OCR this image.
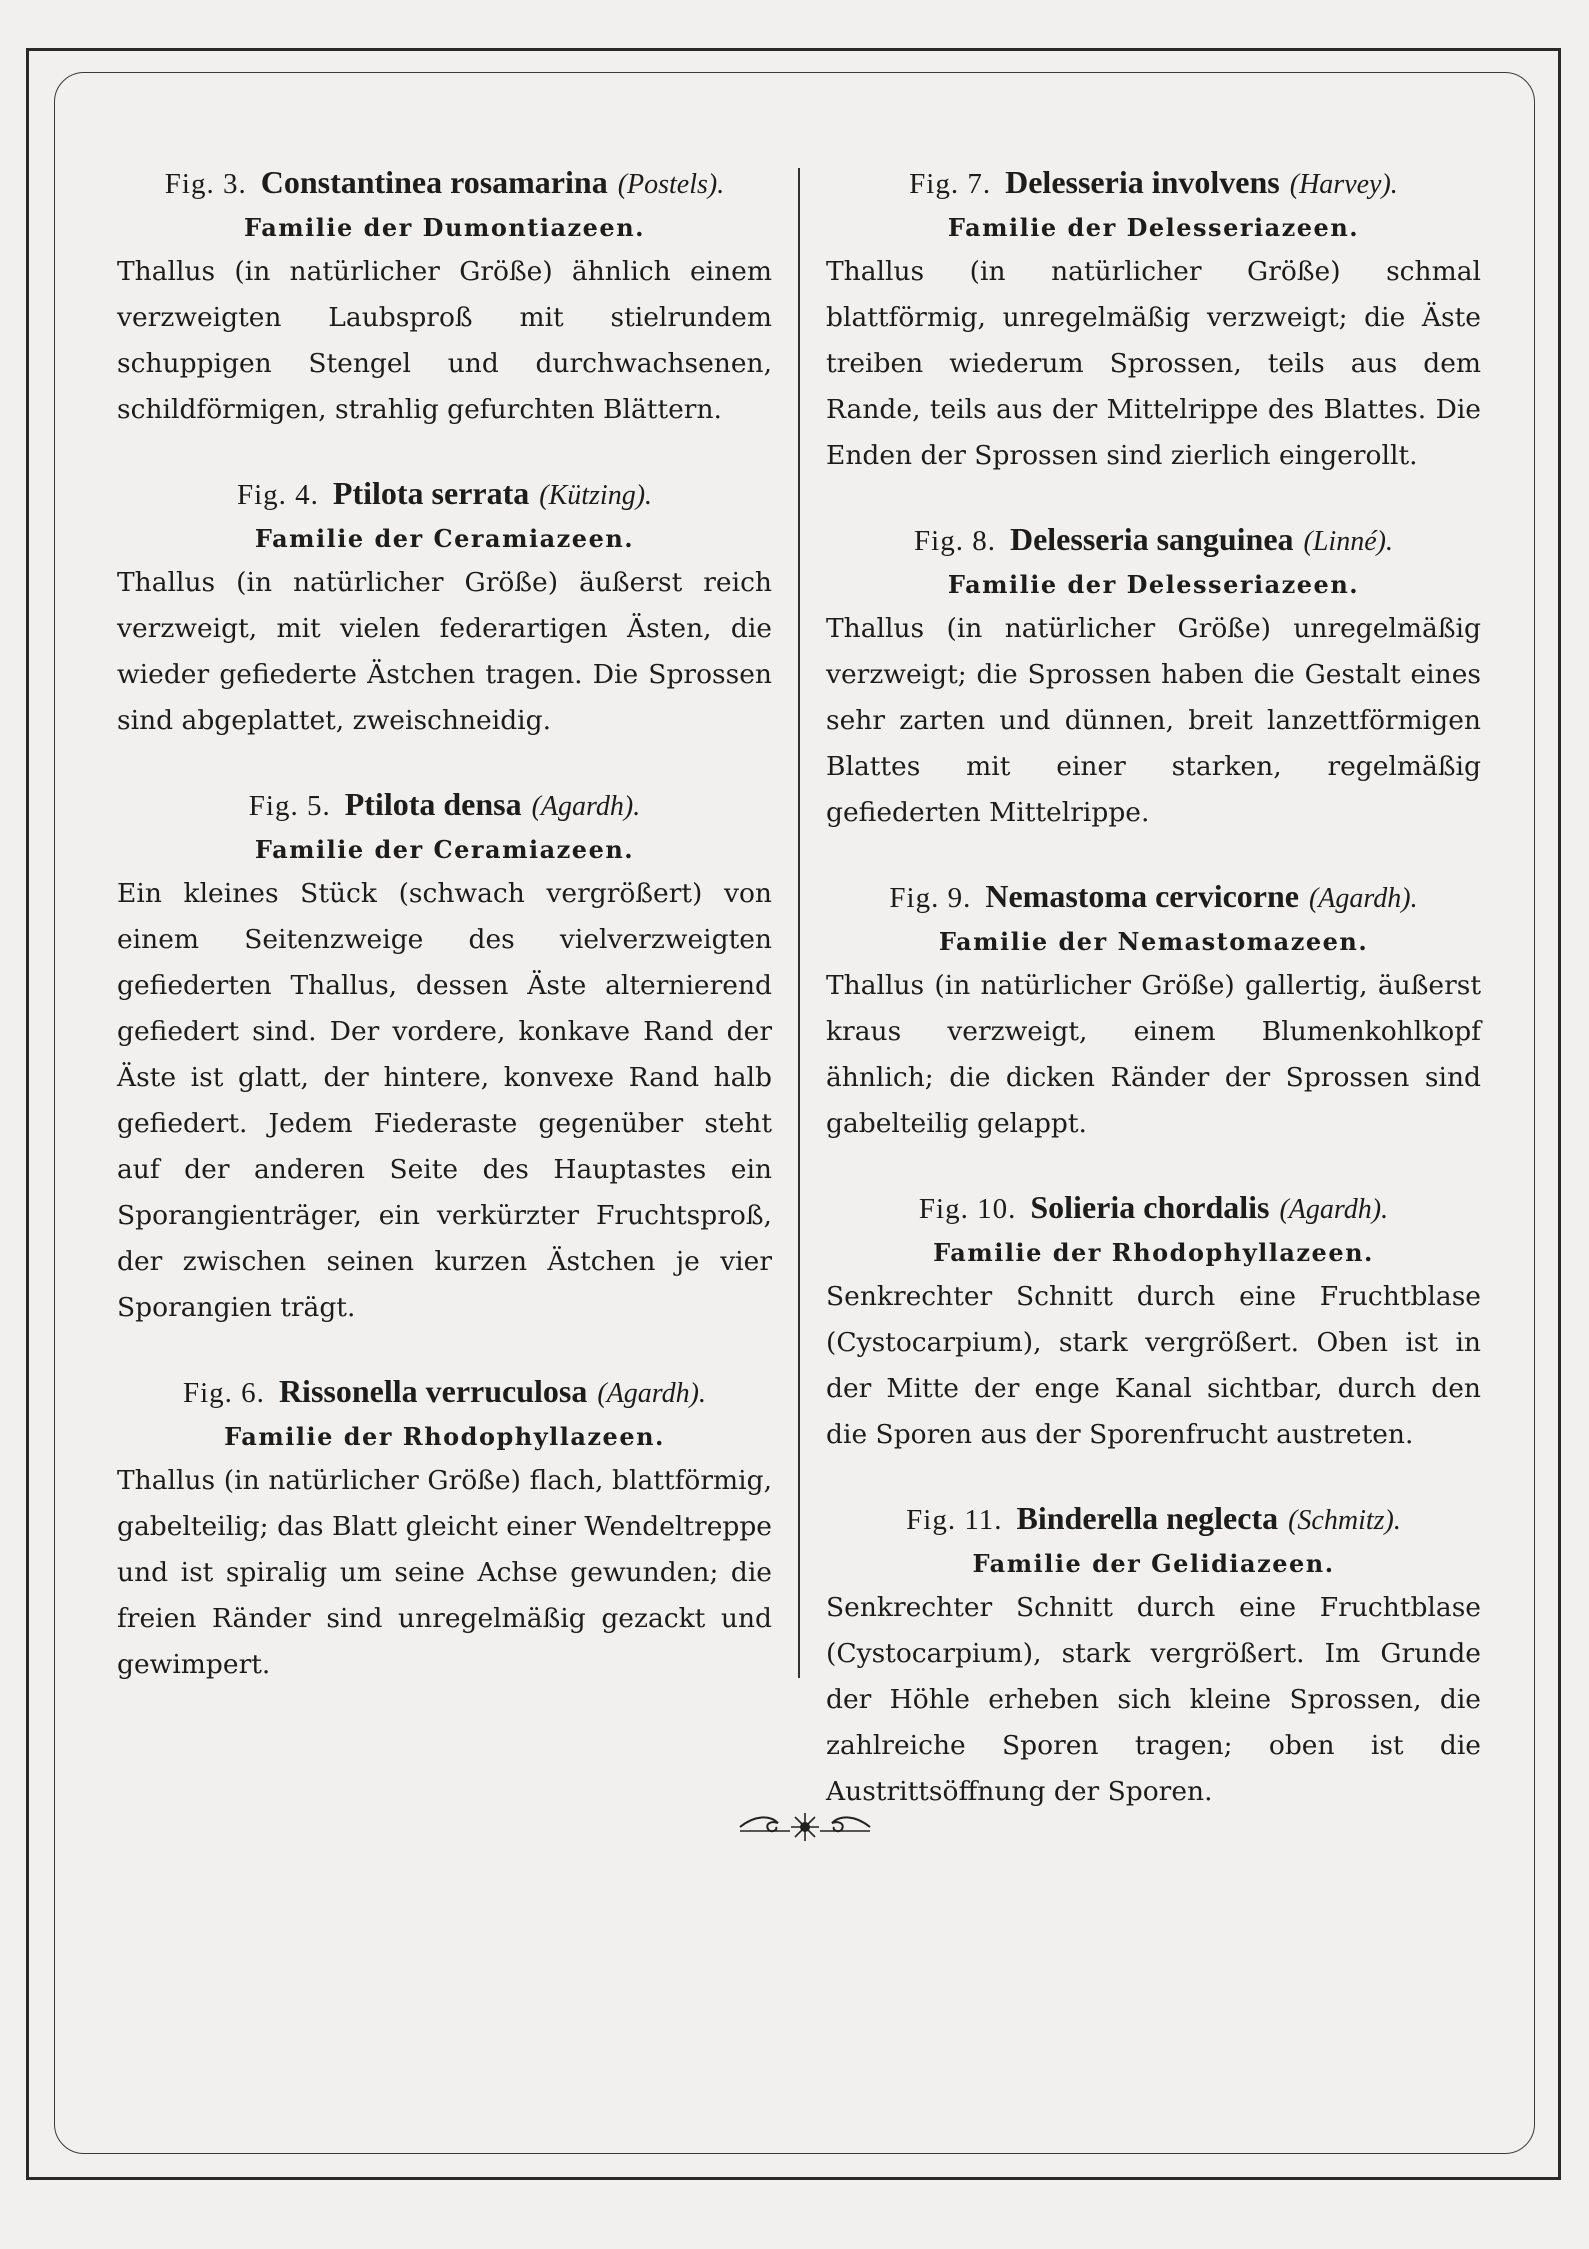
Fig. 3. Constantinea rosamarina (Postels).
Familie der Dumontiazeen.
Thallus (in natürlicher Größe) ähnlich einem verzweigten Laubsproß mit stielrundem schuppigen Stengel und durchwachsenen, schildförmigen, strahlig gefurchten Blättern.
Fig. 4. Ptilota serrata (Kützing).
Familie der Ceramiazeen.
Thallus (in natürlicher Größe) äußerst reich verzweigt, mit vielen federartigen Ästen, die wieder gefiederte Ästchen tragen. Die Sprossen sind abgeplattet, zweischneidig.
Fig. 5. Ptilota densa (Agardh).
Familie der Ceramiazeen.
Ein kleines Stück (schwach vergrößert) von einem Seitenzweige des vielverzweigten gefiederten Thallus, dessen Äste alternierend gefiedert sind. Der vordere, konkave Rand der Äste ist glatt, der hintere, konvexe Rand halb gefiedert. Jedem Fiederaste gegenüber steht auf der anderen Seite des Hauptastes ein Sporangienträger, ein verkürzter Fruchtsproß, der zwischen seinen kurzen Ästchen je vier Sporangien trägt.
Fig. 6. Rissonella verruculosa (Agardh).
Familie der Rhodophyllazeen.
Thallus (in natürlicher Größe) flach, blattförmig, gabelteilig; das Blatt gleicht einer Wendeltreppe und ist spiralig um seine Achse gewunden; die freien Ränder sind unregelmäßig gezackt und gewimpert.
Fig. 7. Delesseria involvens (Harvey).
Familie der Delesseriazeen.
Thallus (in natürlicher Größe) schmal blattförmig, unregelmäßig verzweigt; die Äste treiben wiederum Sprossen, teils aus dem Rande, teils aus der Mittelrippe des Blattes. Die Enden der Sprossen sind zierlich eingerollt.
Fig. 8. Delesseria sanguinea (Linné).
Familie der Delesseriazeen.
Thallus (in natürlicher Größe) unregelmäßig verzweigt; die Sprossen haben die Gestalt eines sehr zarten und dünnen, breit lanzettförmigen Blattes mit einer starken, regelmäßig gefiederten Mittelrippe.
Fig. 9. Nemastoma cervicorne (Agardh).
Familie der Nemastomazeen.
Thallus (in natürlicher Größe) gallertig, äußerst kraus verzweigt, einem Blumenkohlkopf ähnlich; die dicken Ränder der Sprossen sind gabelteilig gelappt.
Fig. 10. Solieria chordalis (Agardh).
Familie der Rhodophyllazeen.
Senkrechter Schnitt durch eine Fruchtblase (Cystocarpium), stark vergrößert. Oben ist in der Mitte der enge Kanal sichtbar, durch den die Sporen aus der Sporenfrucht austreten.
Fig. 11. Binderella neglecta (Schmitz).
Familie der Gelidiazeen.
Senkrechter Schnitt durch eine Fruchtblase (Cystocarpium), stark vergrößert. Im Grunde der Höhle erheben sich kleine Sprossen, die zahlreiche Sporen tragen; oben ist die Austrittsöffnung der Sporen.
